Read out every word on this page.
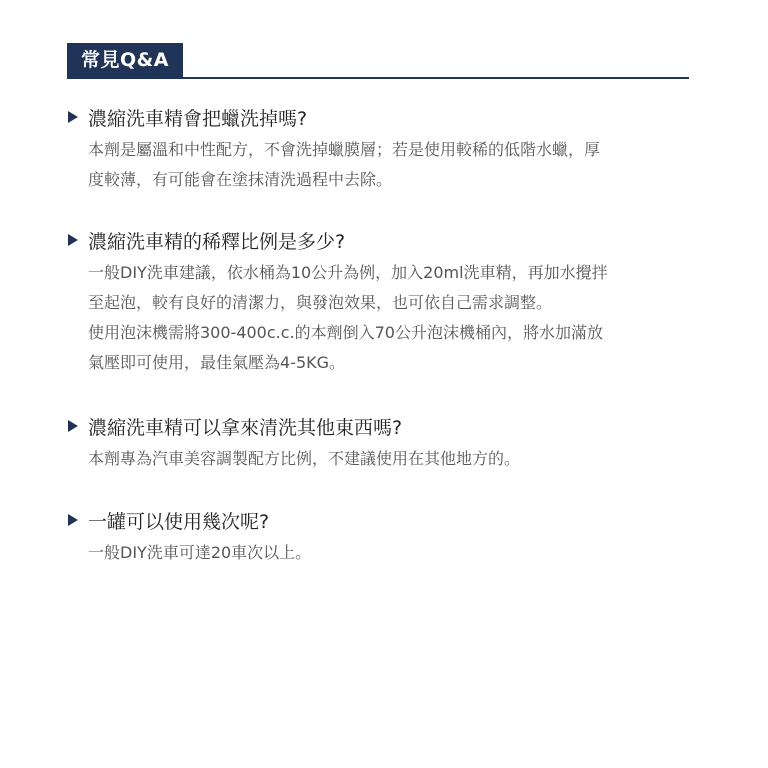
常見Q&A
濃縮洗車精會把蠟洗掉嗎?
本劑是屬溫和中性配方，不會洗掉蠟膜層；若是使用較稀的低階水蠟，厚
度較薄，有可能會在塗抹清洗過程中去除。
濃縮洗車精的稀釋比例是多少?
一般DIY洗車建議，依水桶為10公升為例，加入20ml洗車精，再加水攪拌
至起泡，較有良好的清潔力，與發泡效果，也可依自己需求調整。
使用泡沫機需將300-400c.c.的本劑倒入70公升泡沫機桶內，將水加滿放
氣壓即可使用，最佳氣壓為4-5KG。
濃縮洗車精可以拿來清洗其他東西嗎?
本劑專為汽車美容調製配方比例，不建議使用在其他地方的。
一罐可以使用幾次呢?
一般DIY洗車可達20車次以上。
